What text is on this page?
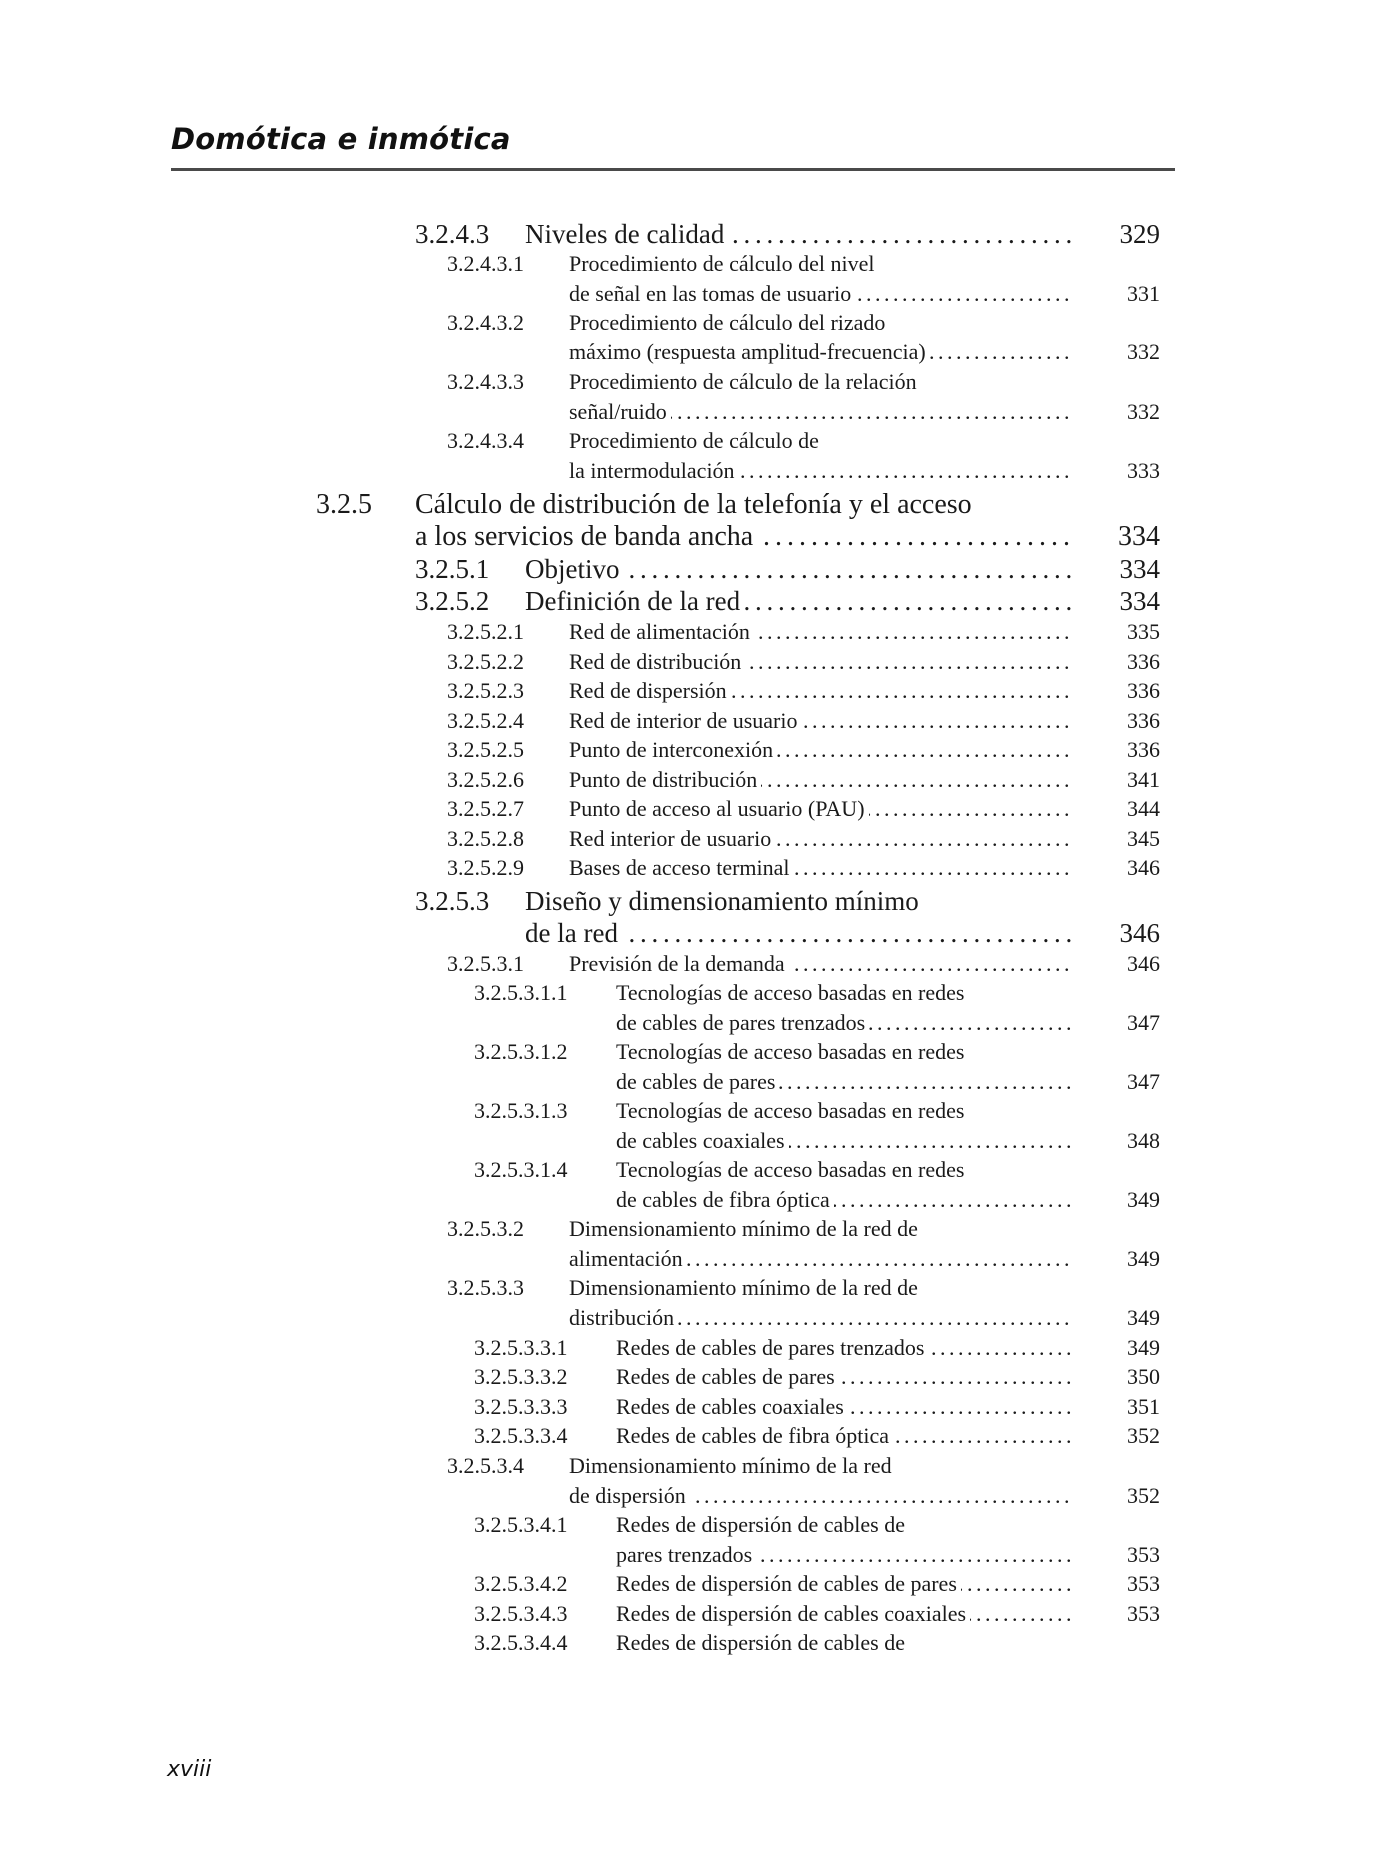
Domótica e inmótica
3.2.4.3 Niveles de calidad . . .	329
3.2.4.3.1 Procedimiento de cálculo del nivel
de señal en las tomas de usuario . . .	331
3.2.4.3.2 Procedimiento de cálculo del rizado
máximo (respuesta amplitud-frecuencia) . . .	332
3.2.4.3.3 Procedimiento de cálculo de la relación
señal/ruido . . .	332
3.2.4.3.4 Procedimiento de cálculo de
la intermodulación . . .	333
3.2.5 Cálculo de distribución de la telefonía y el acceso
a los servicios de banda ancha . . .	334
3.2.5.1 Objetivo . . .	334
3.2.5.2 Definición de la red . . .	334
3.2.5.2.1 Red de alimentación . . .	335
3.2.5.2.2 Red de distribución . . .	336
3.2.5.2.3 Red de dispersión . . .	336
3.2.5.2.4 Red de interior de usuario . . .	336
3.2.5.2.5 Punto de interconexión . . .	336
3.2.5.2.6 Punto de distribución . . .	341
3.2.5.2.7 Punto de acceso al usuario (PAU) . . .	344
3.2.5.2.8 Red interior de usuario . . .	345
3.2.5.2.9 Bases de acceso terminal . . .	346
3.2.5.3 Diseño y dimensionamiento mínimo
de la red . . .	346
3.2.5.3.1 Previsión de la demanda . . .	346
3.2.5.3.1.1 Tecnologías de acceso basadas en redes
de cables de pares trenzados . . .	347
3.2.5.3.1.2 Tecnologías de acceso basadas en redes
de cables de pares . . .	347
3.2.5.3.1.3 Tecnologías de acceso basadas en redes
de cables coaxiales . . .	348
3.2.5.3.1.4 Tecnologías de acceso basadas en redes
de cables de fibra óptica . . .	349
3.2.5.3.2 Dimensionamiento mínimo de la red de
alimentación . . .	349
3.2.5.3.3 Dimensionamiento mínimo de la red de
distribución . . .	349
3.2.5.3.3.1 Redes de cables de pares trenzados . . .	349
3.2.5.3.3.2 Redes de cables de pares . . .	350
3.2.5.3.3.3 Redes de cables coaxiales . . .	351
3.2.5.3.3.4 Redes de cables de fibra óptica . . .	352
3.2.5.3.4 Dimensionamiento mínimo de la red
de dispersión . . .	352
3.2.5.3.4.1 Redes de dispersión de cables de
pares trenzados . . .	353
3.2.5.3.4.2 Redes de dispersión de cables de pares . . .	353
3.2.5.3.4.3 Redes de dispersión de cables coaxiales . . .	353
3.2.5.3.4.4 Redes de dispersión de cables de
xviii
